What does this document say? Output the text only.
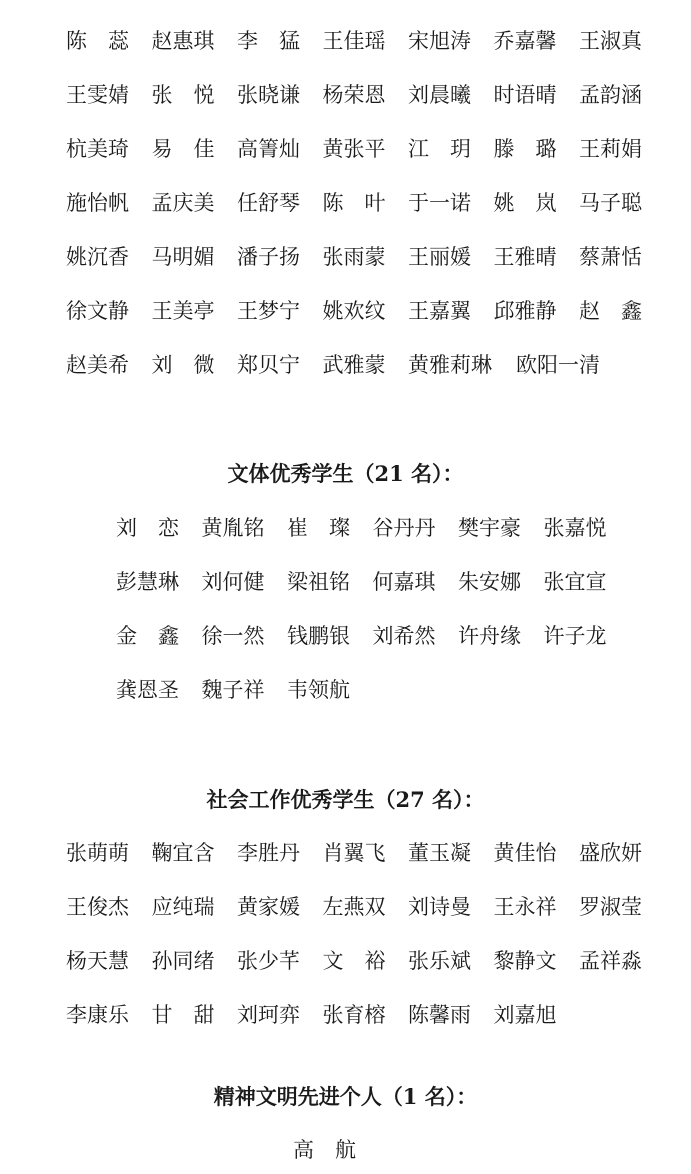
陈　蕊	赵惠琪	李　猛	王佳瑶	宋旭涛	乔嘉馨	王淑真
王雯婧	张　悦	张晓谦	杨荣恩	刘晨曦	时语晴	孟韵涵
杭美琦	易　佳	高箐灿	黄张平	江　玥	滕　璐	王莉娟
施怡帆	孟庆美	任舒琴	陈　叶	于一诺	姚　岚	马子聪
姚沉香	马明媚	潘子扬	张雨蒙	王丽媛	王雅晴	蔡萧恬
徐文静	王美亭	王梦宁	姚欢纹	王嘉翼	邱雅静	赵　鑫
赵美希	刘　微	郑贝宁	武雅蒙	黄雅莉琳	欧阳一清
文体优秀学生（21 名）：
刘　恋	黄胤铭	崔　璨	谷丹丹	樊宇豪	张嘉悦
彭慧琳	刘何健	梁祖铭	何嘉琪	朱安娜	张宜宣
金　鑫	徐一然	钱鹏银	刘希然	许舟缘	许子龙
龚恩圣	魏子祥	韦领航
社会工作优秀学生（27 名）：
张萌萌	鞠宜含	李胜丹	肖翼飞	董玉凝	黄佳怡	盛欣妍
王俊杰	应纯瑞	黄家媛	左燕双	刘诗曼	王永祥	罗淑莹
杨天慧	孙同绪	张少芊	文　裕	张乐斌	黎静文	孟祥淼
李康乐	甘　甜	刘珂弈	张育榕	陈馨雨	刘嘉旭
精神文明先进个人（1 名）：
高　航
